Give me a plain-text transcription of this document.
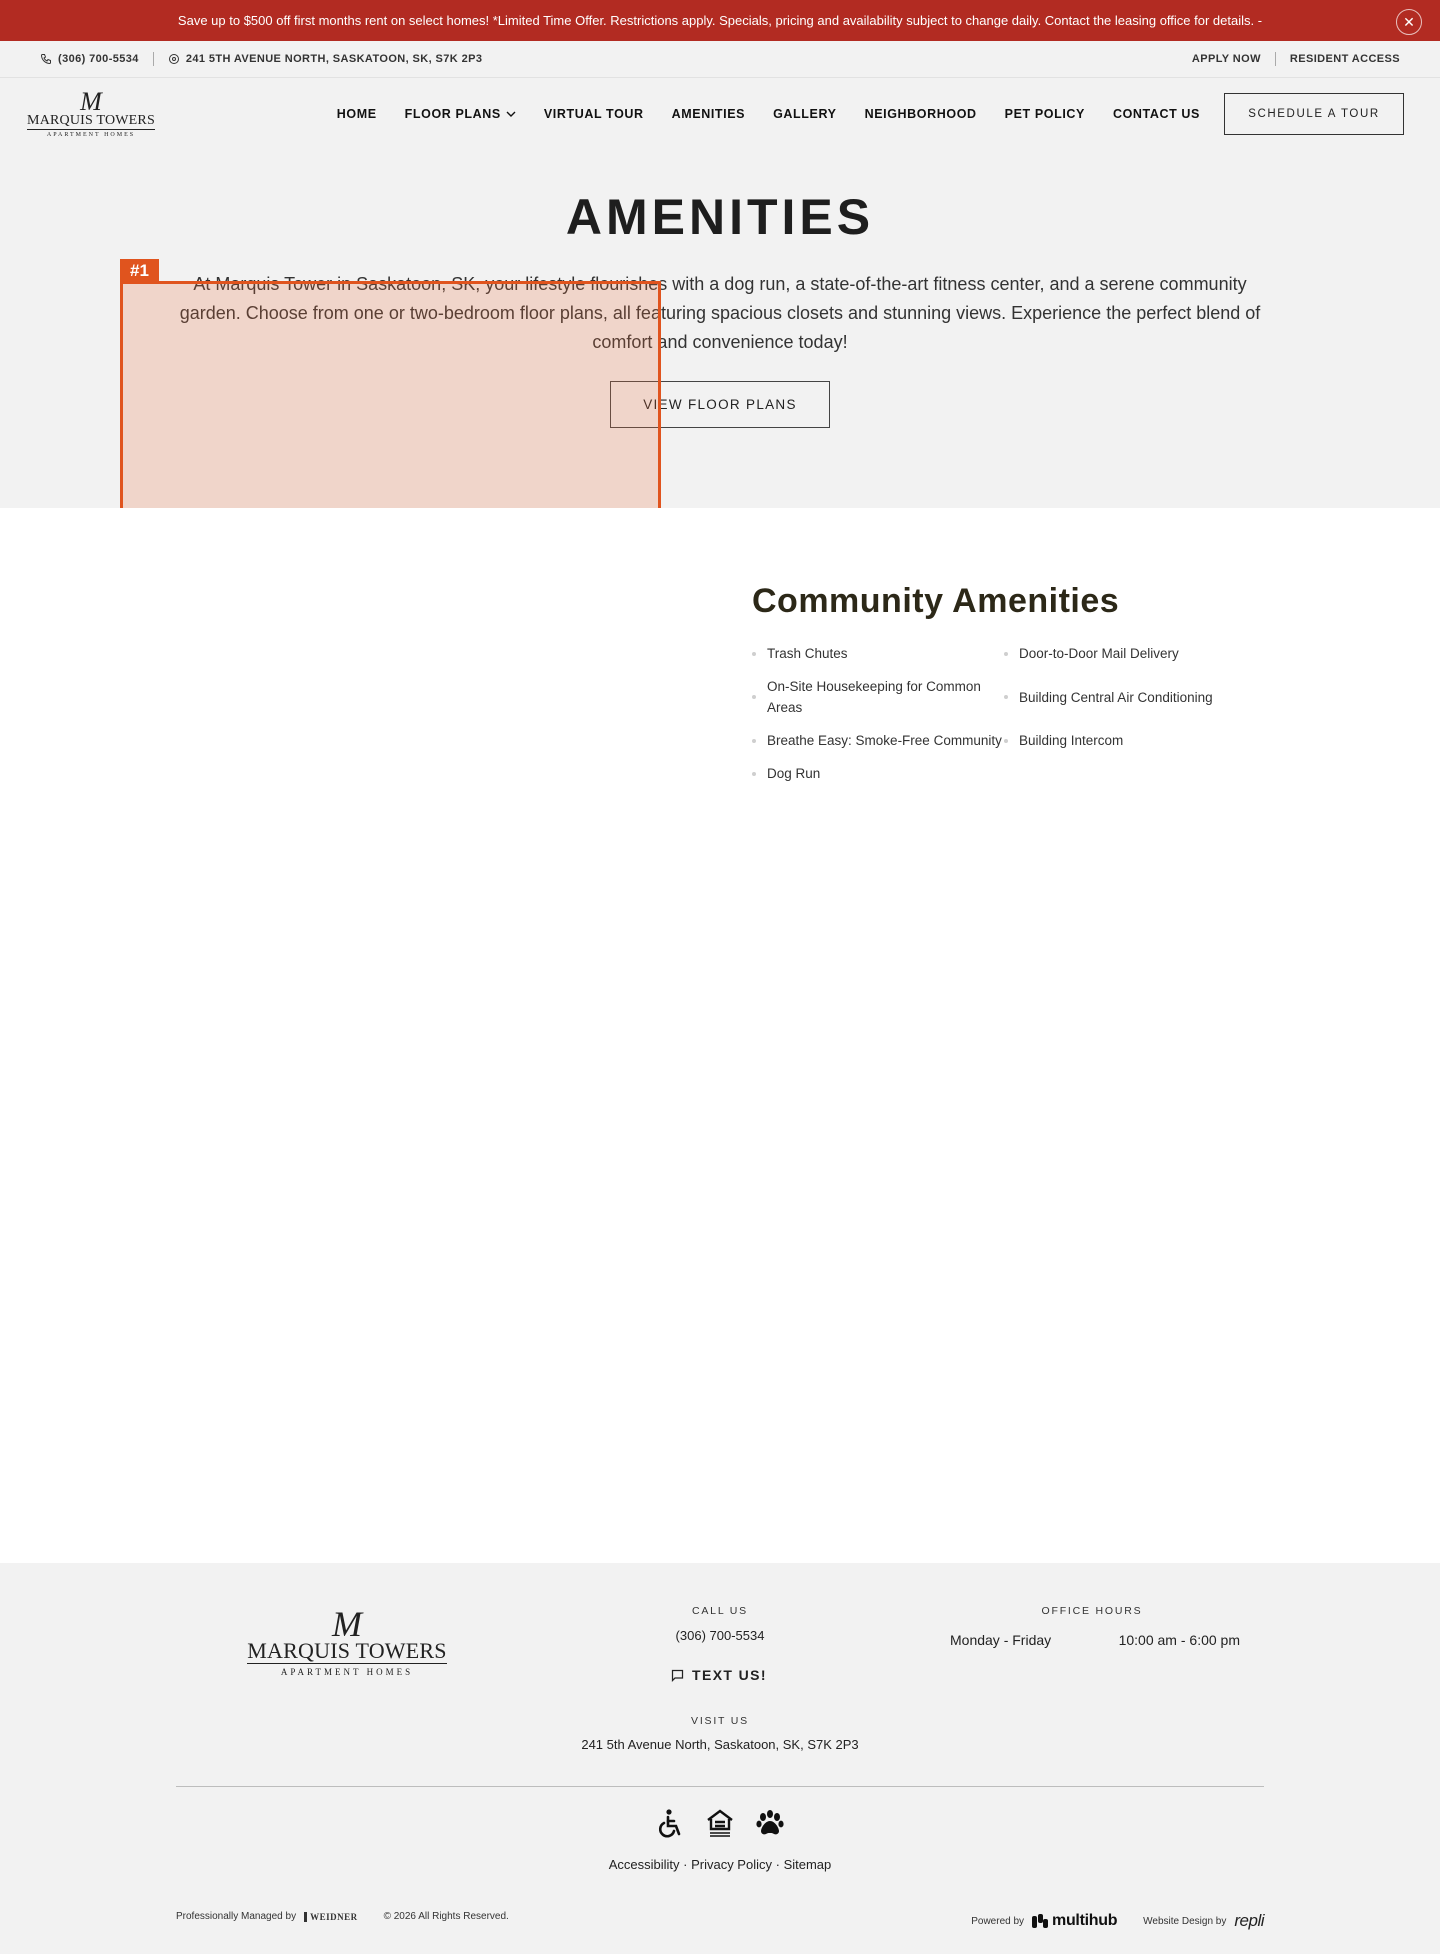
Save up to $500 off first months rent on select homes! *Limited Time Offer. Restrictions apply. Specials, pricing and availability subject to change daily. Contact the leasing office for details. -	✕
(306) 700-5534	241 5TH AVENUE NORTH, SASKATOON, SK, S7K 2P3	APPLY NOW	RESIDENT ACCESS
M
MARQUIS TOWERS
APARTMENT HOMES
HOME FLOOR PLANS	VIRTUAL TOUR AMENITIES GALLERY NEIGHBORHOOD PET POLICY CONTACT US	SCHEDULE A TOUR
AMENITIES

At Marquis Tower in Saskatoon, SK, your lifestyle flourishes with a dog run, a state-of-the-art fitness center, and a serene community garden. Choose from one or two-bedroom floor plans, all featuring spacious closets and stunning views. Experience the perfect blend of comfort and convenience today!

VIEW FLOOR PLANS
#1
Community Amenities
Trash Chutes	Door-to-Door Mail Delivery
On-Site Housekeeping for Common Areas
Building Central Air Conditioning
Breathe Easy: Smoke-Free Community	Building Intercom
Dog Run
M
MARQUIS TOWERS
APARTMENT HOMES
CALL US
(306) 700-5534
TEXT US!
VISIT US
241 5th Avenue North, Saskatoon, SK, S7K 2P3
OFFICE HOURS
Monday - Friday	10:00 am - 6:00 pm
Accessibility · Privacy Policy · Sitemap
Professionally Managed by	WEIDNER	© 2026 All Rights Reserved.	Powered by multihub	Website Design by repli
